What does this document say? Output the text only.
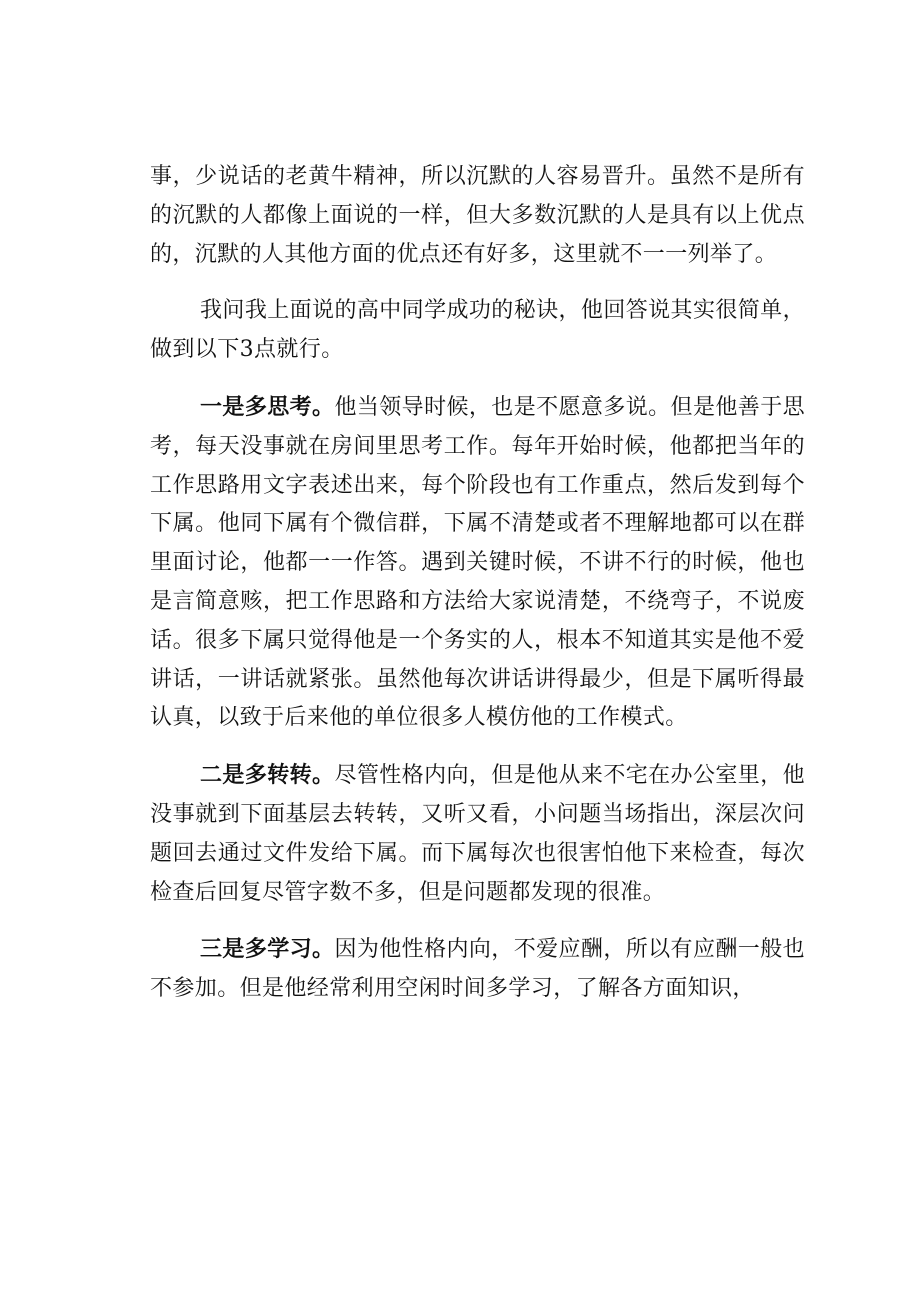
事，少说话的老黄牛精神，所以沉默的人容易晋升。虽然不是所有的沉默的人都像上面说的一样，但大多数沉默的人是具有以上优点的，沉默的人其他方面的优点还有好多，这里就不一一列举了。

我问我上面说的高中同学成功的秘诀，他回答说其实很简单，做到以下3点就行。

一是多思考。他当领导时候，也是不愿意多说。但是他善于思考，每天没事就在房间里思考工作。每年开始时候，他都把当年的工作思路用文字表述出来，每个阶段也有工作重点，然后发到每个下属。他同下属有个微信群，下属不清楚或者不理解地都可以在群里面讨论，他都一一作答。遇到关键时候，不讲不行的时候，他也是言简意赅，把工作思路和方法给大家说清楚，不绕弯子，不说废话。很多下属只觉得他是一个务实的人，根本不知道其实是他不爱讲话，一讲话就紧张。虽然他每次讲话讲得最少，但是下属听得最认真，以致于后来他的单位很多人模仿他的工作模式。

二是多转转。尽管性格内向，但是他从来不宅在办公室里，他没事就到下面基层去转转，又听又看，小问题当场指出，深层次问题回去通过文件发给下属。而下属每次也很害怕他下来检查，每次检查后回复尽管字数不多，但是问题都发现的很准。

三是多学习。因为他性格内向，不爱应酬，所以有应酬一般也不参加。但是他经常利用空闲时间多学习，了解各方面知识，
